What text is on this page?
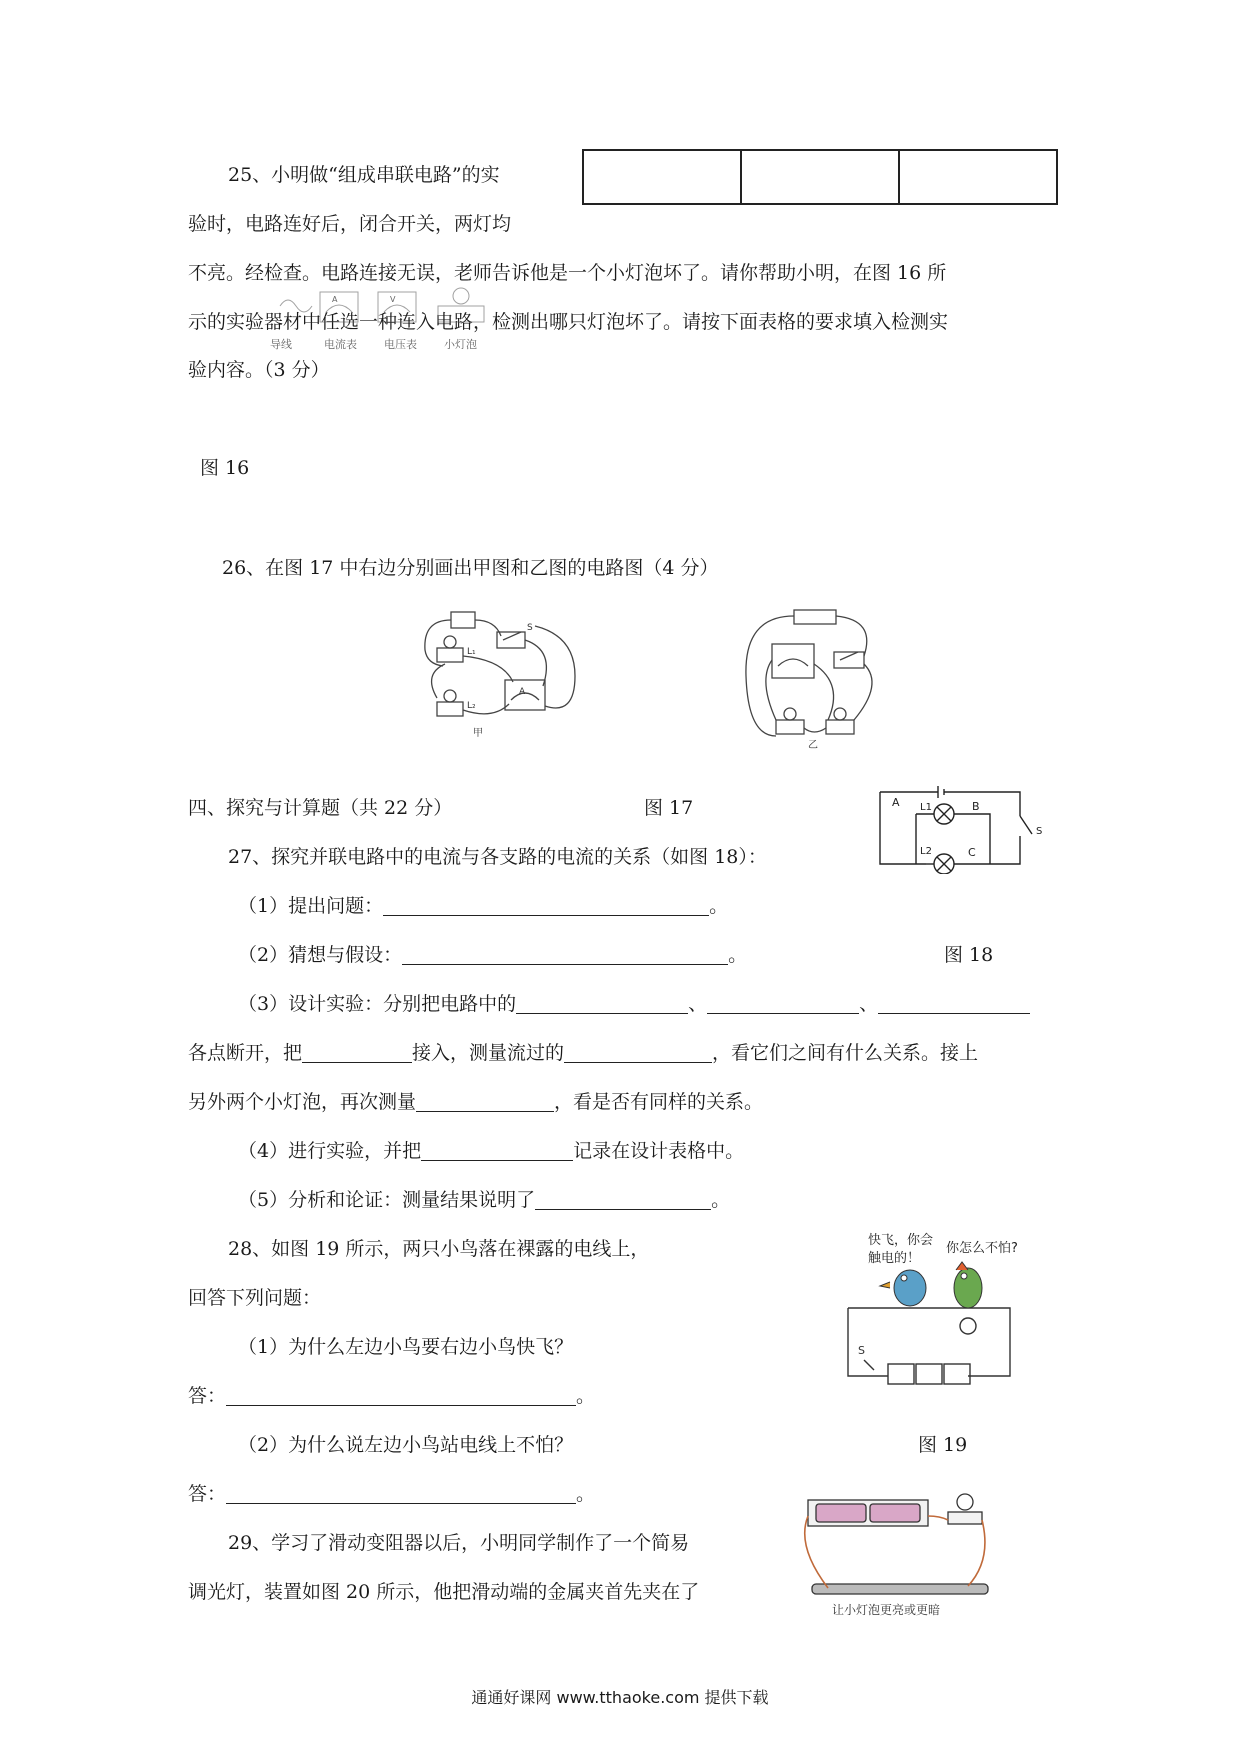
25、小明做“组成串联电路”的实
验时，电路连好后，闭合开关，两灯均
不亮。经检查。电路连接无误，老师告诉他是一个小灯泡坏了。请你帮助小明，在图 16 所
示的实验器材中任选一种连入电路，检测出哪只灯泡坏了。请按下面表格的要求填入检测实
验内容。（3 分）

A	V
导线	电流表 电压表 小灯泡
图 16
26、在图 17 中右边分别画出甲图和乙图的电路图（4 分）
L₁
L₂
S
A
甲
乙
四、探究与计算题（共 22 分）	图 17	A	B
C
L1
L2
S
27、探究并联电路中的电流与各支路的电流的关系（如图 18）：
（1）提出问题：	。
（2）猜想与假设：	。	图 18
（3）设计实验：分别把电路中的	、	、
各点断开，把	接入，测量流过的	，看它们之间有什么关系。接上
另外两个小灯泡，再次测量	，看是否有同样的关系。
（4）进行实验，并把	记录在设计表格中。
（5）分析和论证：测量结果说明了	。
快飞，你会
触电的！
你怎么不怕?
S
28、如图 19 所示，两只小鸟落在裸露的电线上，
回答下列问题：
（1）为什么左边小鸟要右边小鸟快飞？
答：	。
（2）为什么说左边小鸟站电线上不怕？	图 19
答：	。
让小灯泡更亮或更暗
29、学习了滑动变阻器以后，小明同学制作了一个简易
调光灯，装置如图 20 所示，他把滑动端的金属夹首先夹在了
通通好课网 www.tthaoke.com 提供下载
